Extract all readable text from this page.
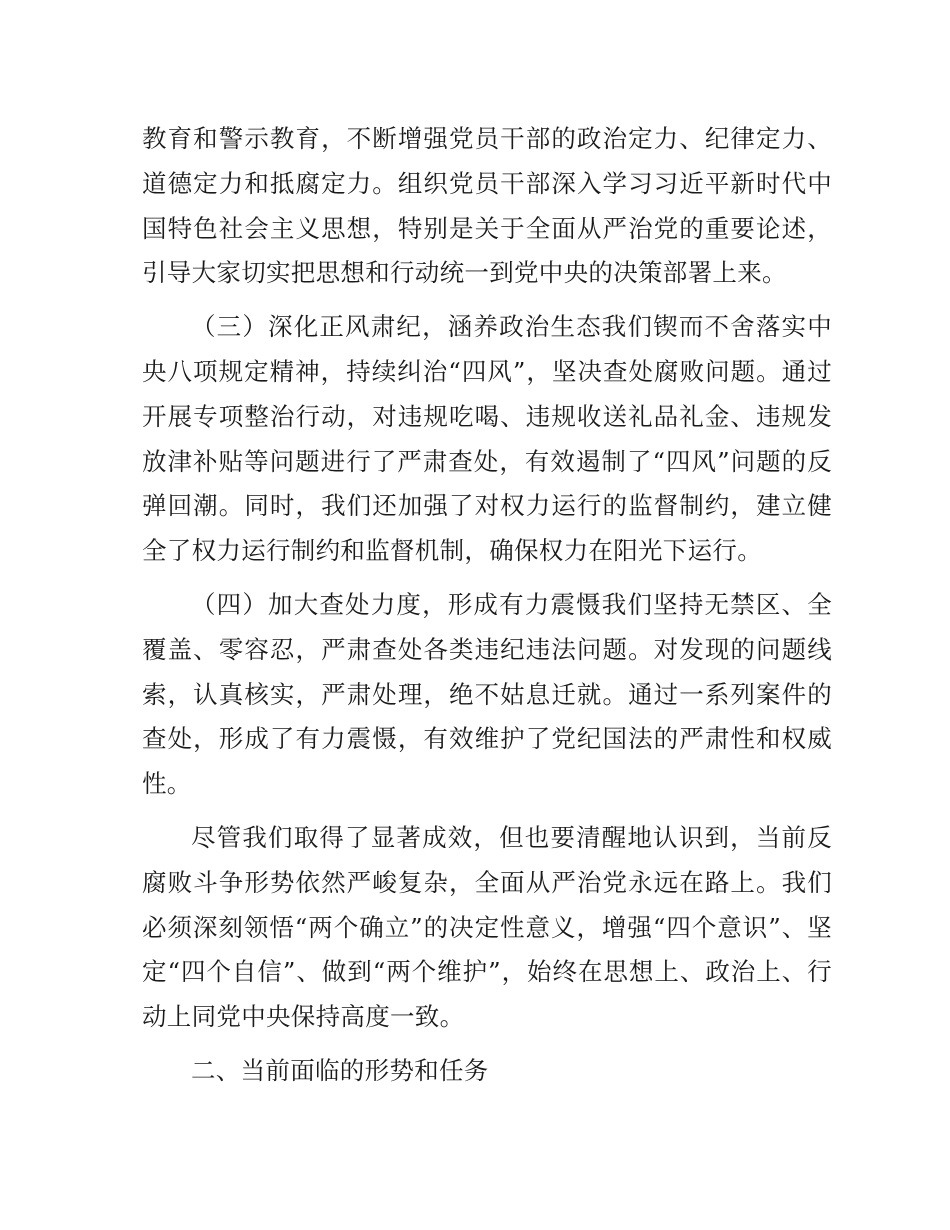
教育和警示教育，不断增强党员干部的政治定力、纪律定力、道德定力和抵腐定力。组织党员干部深入学习习近平新时代中国特色社会主义思想，特别是关于全面从严治党的重要论述，引导大家切实把思想和行动统一到党中央的决策部署上来。

（三）深化正风肃纪，涵养政治生态我们锲而不舍落实中央八项规定精神，持续纠治“四风”，坚决查处腐败问题。通过开展专项整治行动，对违规吃喝、违规收送礼品礼金、违规发放津补贴等问题进行了严肃查处，有效遏制了“四风”问题的反弹回潮。同时，我们还加强了对权力运行的监督制约，建立健全了权力运行制约和监督机制，确保权力在阳光下运行。

（四）加大查处力度，形成有力震慑我们坚持无禁区、全覆盖、零容忍，严肃查处各类违纪违法问题。对发现的问题线索，认真核实，严肃处理，绝不姑息迁就。通过一系列案件的查处，形成了有力震慑，有效维护了党纪国法的严肃性和权威性。

尽管我们取得了显著成效，但也要清醒地认识到，当前反腐败斗争形势依然严峻复杂，全面从严治党永远在路上。我们必须深刻领悟“两个确立”的决定性意义，增强“四个意识”、坚定“四个自信”、做到“两个维护”，始终在思想上、政治上、行动上同党中央保持高度一致。

二、当前面临的形势和任务
